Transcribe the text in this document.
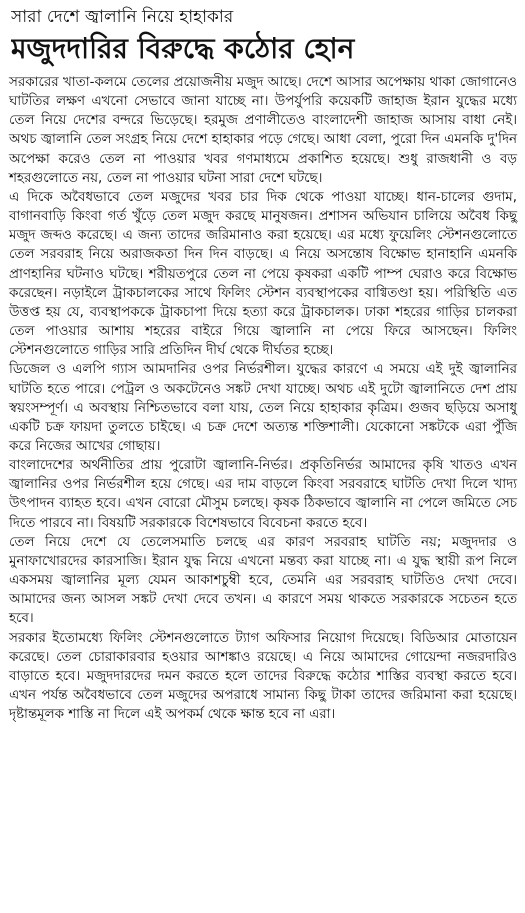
সারা দেশে জ্বালানি নিয়ে হাহাকার
মজুদদারির বিরুদ্ধে কঠোর হোন

সরকারের খাতা-কলমে তেলের প্রয়োজনীয় মজুদ আছে। দেশে আসার অপেক্ষায় থাকা জোগানেও ঘাটতির লক্ষণ এখনো সেভাবে জানা যাচ্ছে না। উপর্যুপরি কয়েকটি জাহাজ ইরান যুদ্ধের মধ্যে তেল নিয়ে দেশের বন্দরে ভিড়েছে। হরমুজ প্রণালীতেও বাংলাদেশী জাহাজ আসায় বাধা নেই। অথচ জ্বালানি তেল সংগ্রহ নিয়ে দেশে হাহাকার পড়ে গেছে। আধা বেলা, পুরো দিন এমনকি দু'দিন অপেক্ষা করেও তেল না পাওয়ার খবর গণমাধ্যমে প্রকাশিত হয়েছে। শুধু রাজধানী ও বড় শহরগুলোতে নয়, তেল না পাওয়ার ঘটনা সারা দেশে ঘটছে।

এ দিকে অবৈধভাবে তেল মজুদের খবর চার দিক থেকে পাওয়া যাচ্ছে। ধান-চালের গুদাম, বাগানবাড়ি কিংবা গর্ত খুঁড়ে তেল মজুদ করছে মানুষজন। প্রশাসন অভিযান চালিয়ে অবৈধ কিছু মজুদ জব্দও করেছে। এ জন্য তাদের জরিমানাও করা হয়েছে। এর মধ্যে ফুয়েলিং স্টেশনগুলোতে তেল সরবরাহ নিয়ে অরাজকতা দিন দিন বাড়ছে। এ নিয়ে অসন্তোষ বিক্ষোভ হানাহানি এমনকি প্রাণহানির ঘটনাও ঘটছে। শরীয়তপুরে তেল না পেয়ে কৃষকরা একটি পাম্প ঘেরাও করে বিক্ষোভ করেছেন। নড়াইলে ট্রাকচালকের সাথে ফিলিং স্টেশন ব্যবস্থাপকের বাগ্বিতণ্ডা হয়। পরিস্থিতি এত উত্তপ্ত হয় যে, ব্যবস্থাপককে ট্রাকচাপা দিয়ে হত্যা করে ট্রাকচালক। ঢাকা শহরের গাড়ির চালকরা তেল পাওয়ার আশায় শহরের বাইরে গিয়ে জ্বালানি না পেয়ে ফিরে আসছেন। ফিলিং স্টেশনগুলোতে গাড়ির সারি প্রতিদিন দীর্ঘ থেকে দীর্ঘতর হচ্ছে।

ডিজেল ও এলপি গ্যাস আমদানির ওপর নির্ভরশীল। যুদ্ধের কারণে এ সময়ে এই দুই জ্বালানির ঘাটতি হতে পারে। পেট্রল ও অকটেনেও সঙ্কট দেখা যাচ্ছে। অথচ এই দুটো জ্বালানিতে দেশ প্রায় স্বয়ংসম্পূর্ণ। এ অবস্থায় নিশ্চিতভাবে বলা যায়, তেল নিয়ে হাহাকার কৃত্রিম। গুজব ছড়িয়ে অসাধু একটি চক্র ফায়দা তুলতে চাইছে। এ চক্র দেশে অত্যন্ত শক্তিশালী। যেকোনো সঙ্কটকে এরা পুঁজি করে নিজের আখের গোছায়।

বাংলাদেশের অর্থনীতির প্রায় পুরোটা জ্বালানি-নির্ভর। প্রকৃতিনির্ভর আমাদের কৃষি খাতও এখন জ্বালানির ওপর নির্ভরশীল হয়ে গেছে। এর দাম বাড়লে কিংবা সরবরাহে ঘাটতি দেখা দিলে খাদ্য উৎপাদন ব্যাহত হবে। এখন বোরো মৌসুম চলছে। কৃষক ঠিকভাবে জ্বালানি না পেলে জমিতে সেচ দিতে পারবে না। বিষয়টি সরকারকে বিশেষভাবে বিবেচনা করতে হবে।

তেল নিয়ে দেশে যে তেলেসমাতি চলছে এর কারণ সরবরাহ ঘাটতি নয়; মজুদদার ও মুনাফাখোরদের কারসাজি। ইরান যুদ্ধ নিয়ে এখনো মন্তব্য করা যাচ্ছে না। এ যুদ্ধ স্থায়ী রূপ নিলে একসময় জ্বালানির মূল্য যেমন আকাশচুম্বী হবে, তেমনি এর সরবরাহ ঘাটতিও দেখা দেবে। আমাদের জন্য আসল সঙ্কট দেখা দেবে তখন। এ কারণে সময় থাকতে সরকারকে সচেতন হতে হবে।

সরকার ইতোমধ্যে ফিলিং স্টেশনগুলোতে ট্যাগ অফিসার নিয়োগ দিয়েছে। বিডিআর মোতায়েন করেছে। তেল চোরাকারবার হওয়ার আশঙ্কাও রয়েছে। এ নিয়ে আমাদের গোয়েন্দা নজরদারিও বাড়াতে হবে। মজুদদারদের দমন করতে হলে তাদের বিরুদ্ধে কঠোর শাস্তির ব্যবস্থা করতে হবে। এখন পর্যন্ত অবৈধভাবে তেল মজুদের অপরাধে সামান্য কিছু টাকা তাদের জরিমানা করা হয়েছে। দৃষ্টান্তমূলক শাস্তি না দিলে এই অপকর্ম থেকে ক্ষান্ত হবে না এরা।
